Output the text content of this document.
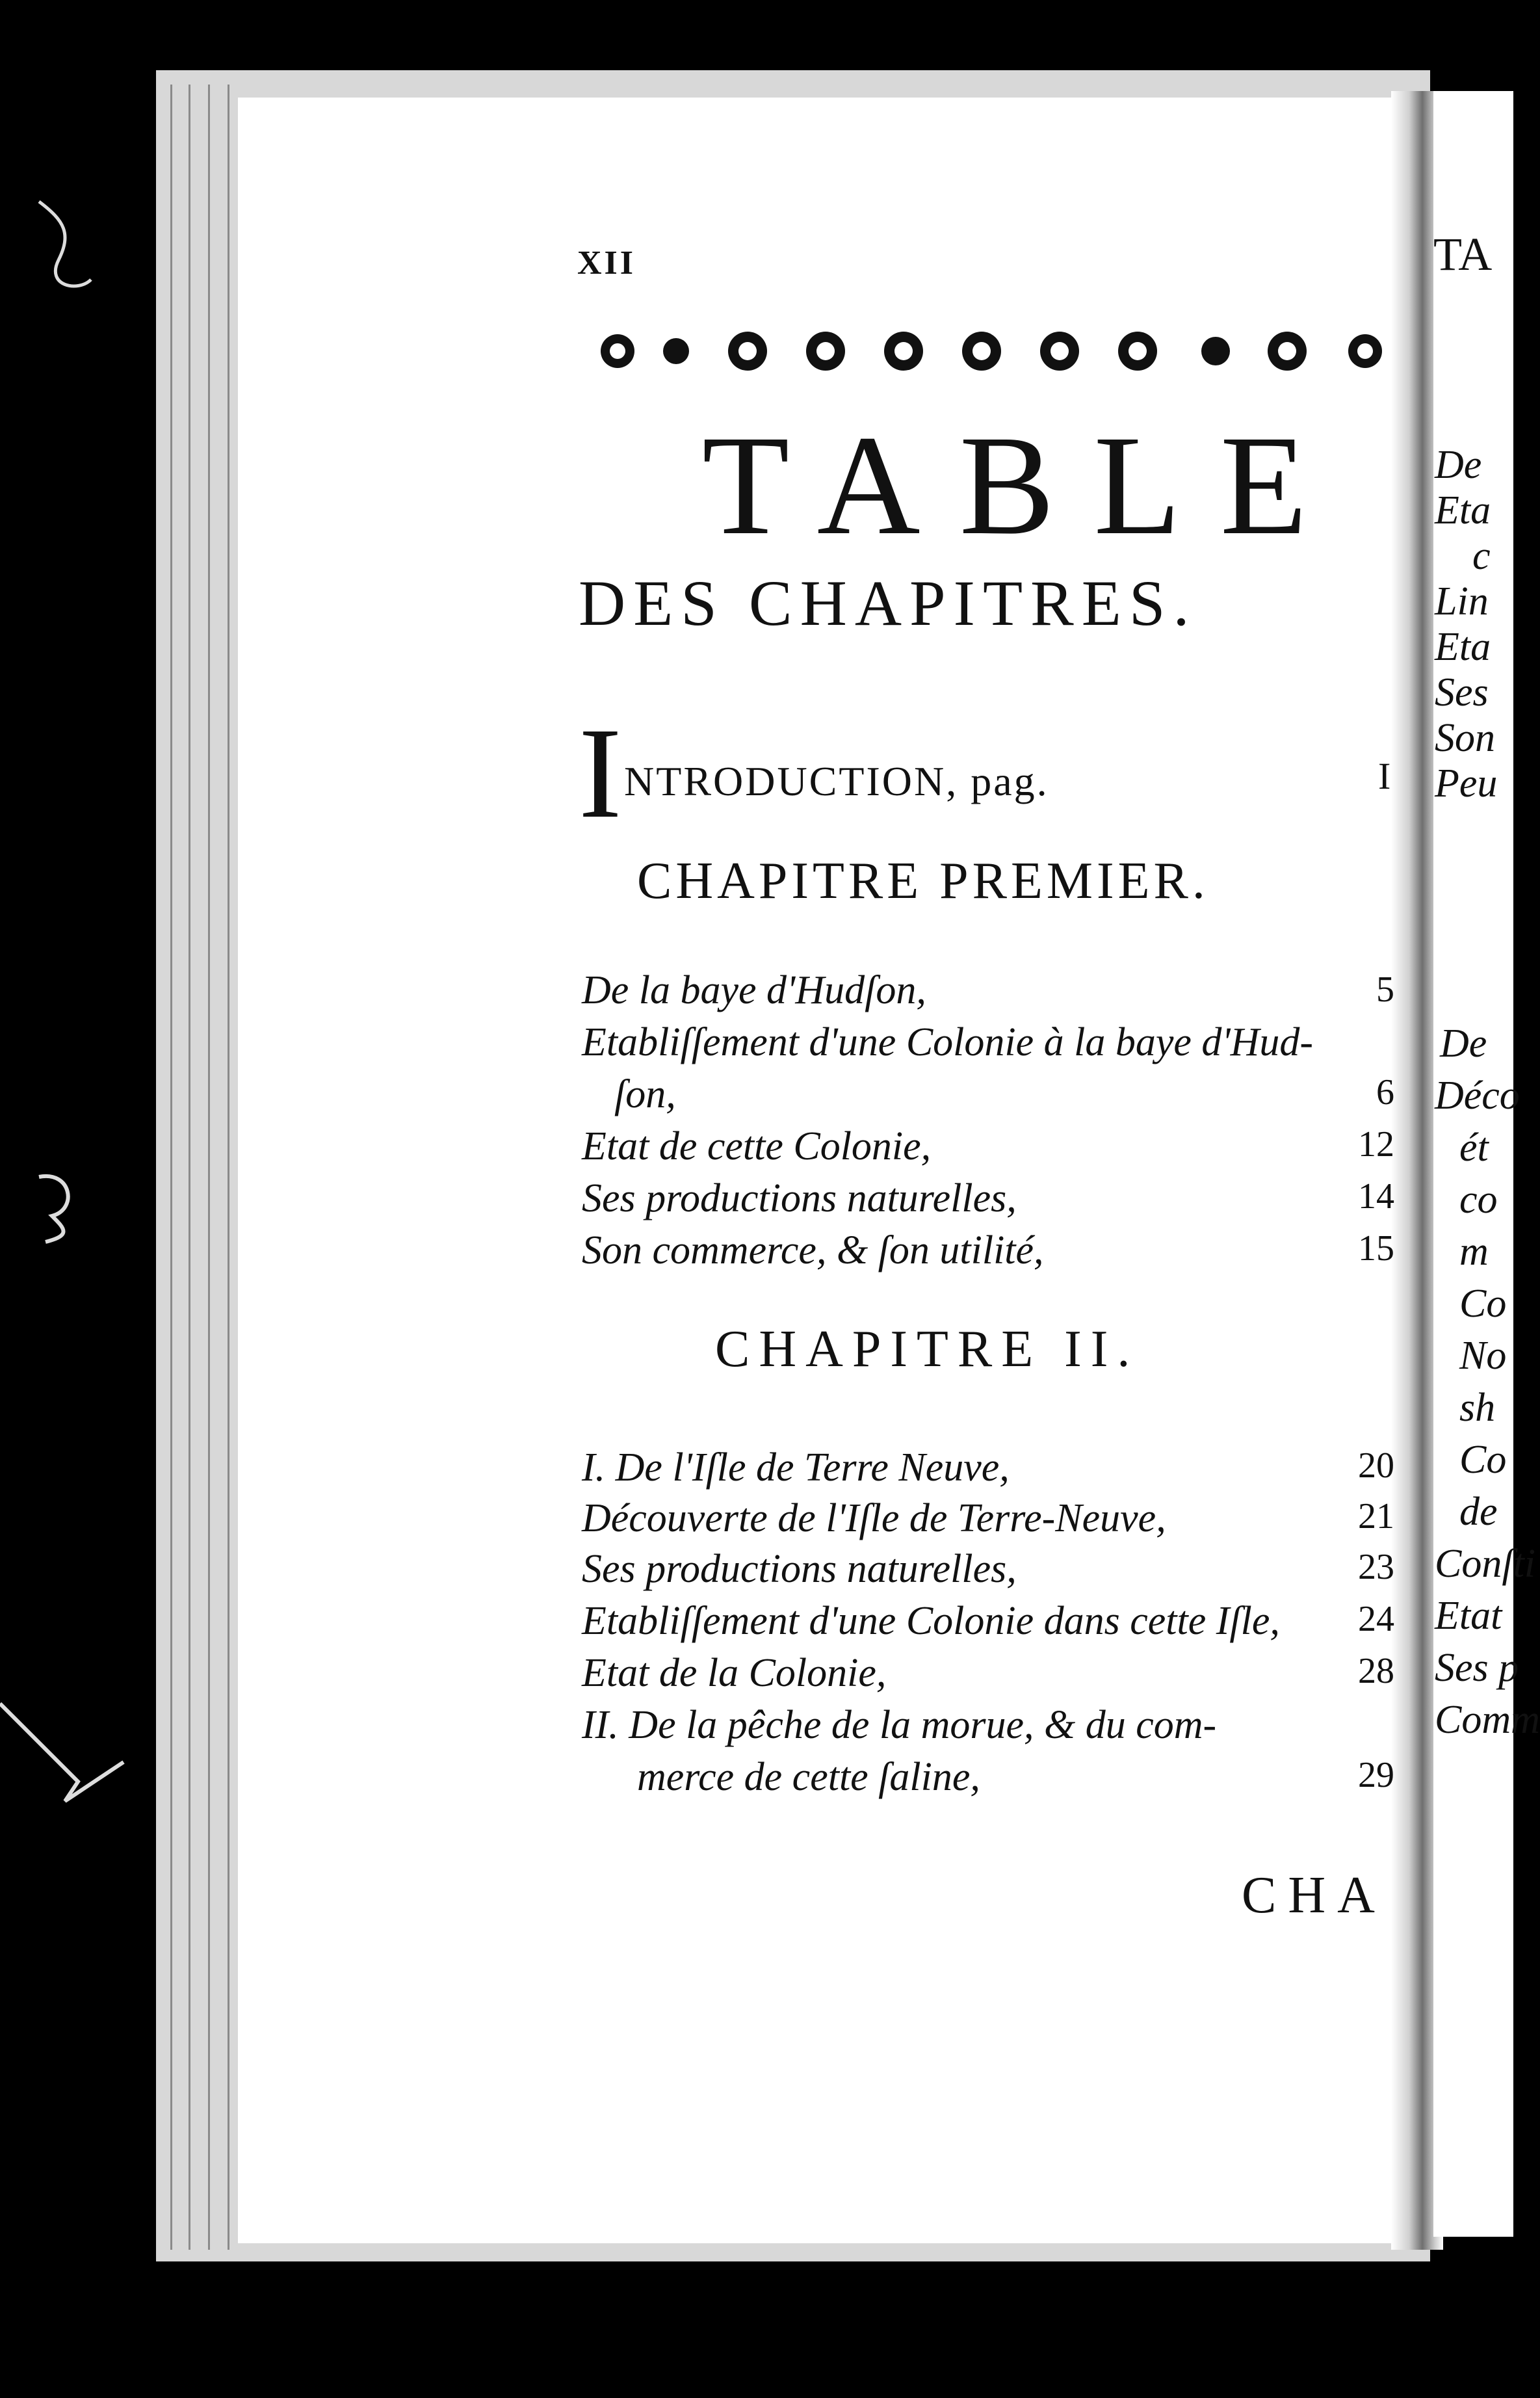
XII
TABLE
DES CHAPITRES.
I NTRODUCTION, pag.	I
CHAPITRE PREMIER.
De la baye d'Hudſon,	5
Etabliſſement d'une Colonie à la baye d'Hud-
ſon,	6
Etat de cette Colonie,	12
Ses productions naturelles,	14
Son commerce, & ſon utilité,	15
CHAPITRE II.
I. De l'Iſle de Terre Neuve,	20
Découverte de l'Iſle de Terre-Neuve,	21
Ses productions naturelles,	23
Etabliſſement d'une Colonie dans cette Iſle,	24
Etat de la Colonie,	28
II. De la pêche de la morue, & du com-
merce de cette ſaline,	29
CHA
TA
De
Eta
c
Lin
Eta
Ses
Son
Peu
De
Déco
ét
co
m
Co
No
sh
Co
de
Conſti
Etat
Ses p
Comm
